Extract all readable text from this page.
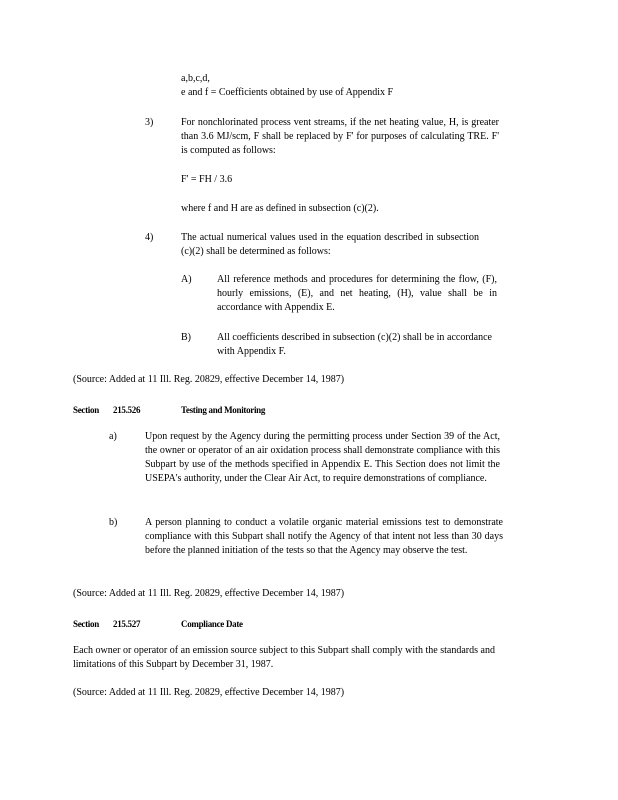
a,b,c,d,
e and f = Coefficients obtained by use of Appendix F
3)	For nonchlorinated process vent streams, if the net heating value, H, is greater than 3.6 MJ/scm, F shall be replaced by F' for purposes of calculating TRE. F' is computed as follows:
F' = FH / 3.6
where f and H are as defined in subsection (c)(2).
4)	The actual numerical values used in the equation described in subsection (c)(2) shall be determined as follows:
A)	All reference methods and procedures for determining the flow, (F), hourly emissions, (E), and net heating, (H), value shall be in accordance with Appendix E.
B)	All coefficients described in subsection (c)(2) shall be in accordance with Appendix F.
(Source: Added at 11 Ill. Reg. 20829, effective December 14, 1987)
Section 215.526	Testing and Monitoring
a)	Upon request by the Agency during the permitting process under Section 39 of the Act, the owner or operator of an air oxidation process shall demonstrate compliance with this Subpart by use of the methods specified in Appendix E. This Section does not limit the USEPA's authority, under the Clear Air Act, to require demonstrations of compliance.
b)	A person planning to conduct a volatile organic material emissions test to demonstrate compliance with this Subpart shall notify the Agency of that intent not less than 30 days before the planned initiation of the tests so that the Agency may observe the test.
(Source: Added at 11 Ill. Reg. 20829, effective December 14, 1987)
Section 215.527	Compliance Date
Each owner or operator of an emission source subject to this Subpart shall comply with the standards and limitations of this Subpart by December 31, 1987.
(Source: Added at 11 Ill. Reg. 20829, effective December 14, 1987)
